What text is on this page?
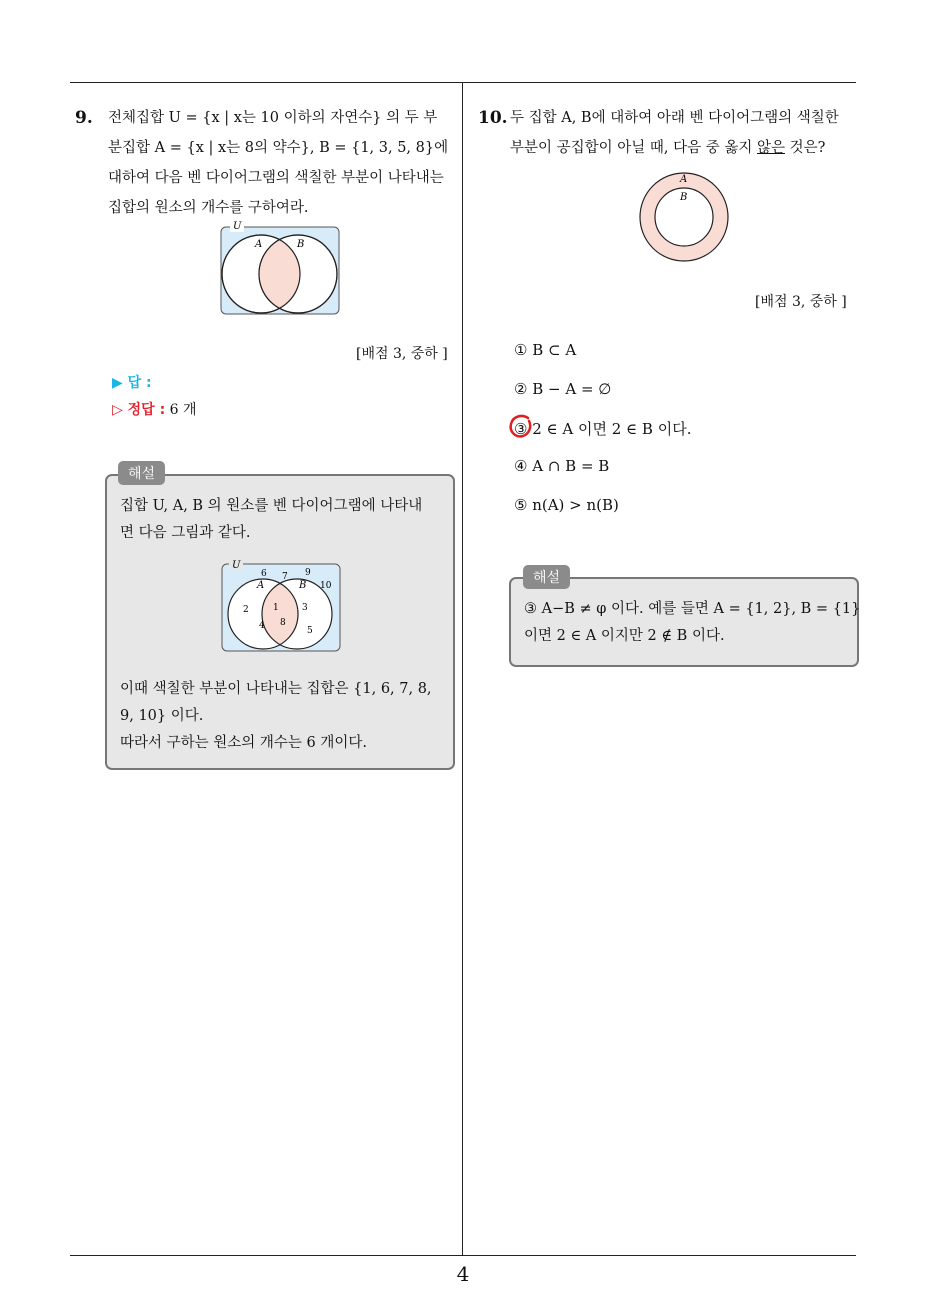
4
9. 전체집합 U = {x | x는 10 이하의 자연수} 의 두 부
분집합 A = {x | x는 8의 약수}, B = {1, 3, 5, 8}에
대하여 다음 벤 다이어그램의 색칠한 부분이 나타내는
집합의 원소의 개수를 구하여라.
U
A	B
[배점 3, 중하 ]
▶ 답 :
▷ 정답 : 6 개
집합 U, A, B 의 원소를 벤 다이어그램에 나타내
면 다음 그림과 같다.
U
A	B
6 7 9
10
2
4
1
8
3
5
이때 색칠한 부분이 나타내는 집합은 {1, 6, 7, 8,
9, 10} 이다.
따라서 구하는 원소의 개수는 6 개이다.
해설
10. 두 집합 A, B에 대하여 아래 벤 다이어그램의 색칠한
부분이 공집합이 아닐 때, 다음 중 옳지 않은 것은?
A
B
[배점 3, 중하 ]
① B ⊂ A
② B − A = ∅
③ 2 ∈ A 이면 2 ∈ B 이다.
④ A ∩ B = B
⑤ n(A) > n(B)
③ A−B ≠ φ 이다. 예를 들면 A = {1, 2}, B = {1}
이면 2 ∈ A 이지만 2 ∉ B 이다.
해설
